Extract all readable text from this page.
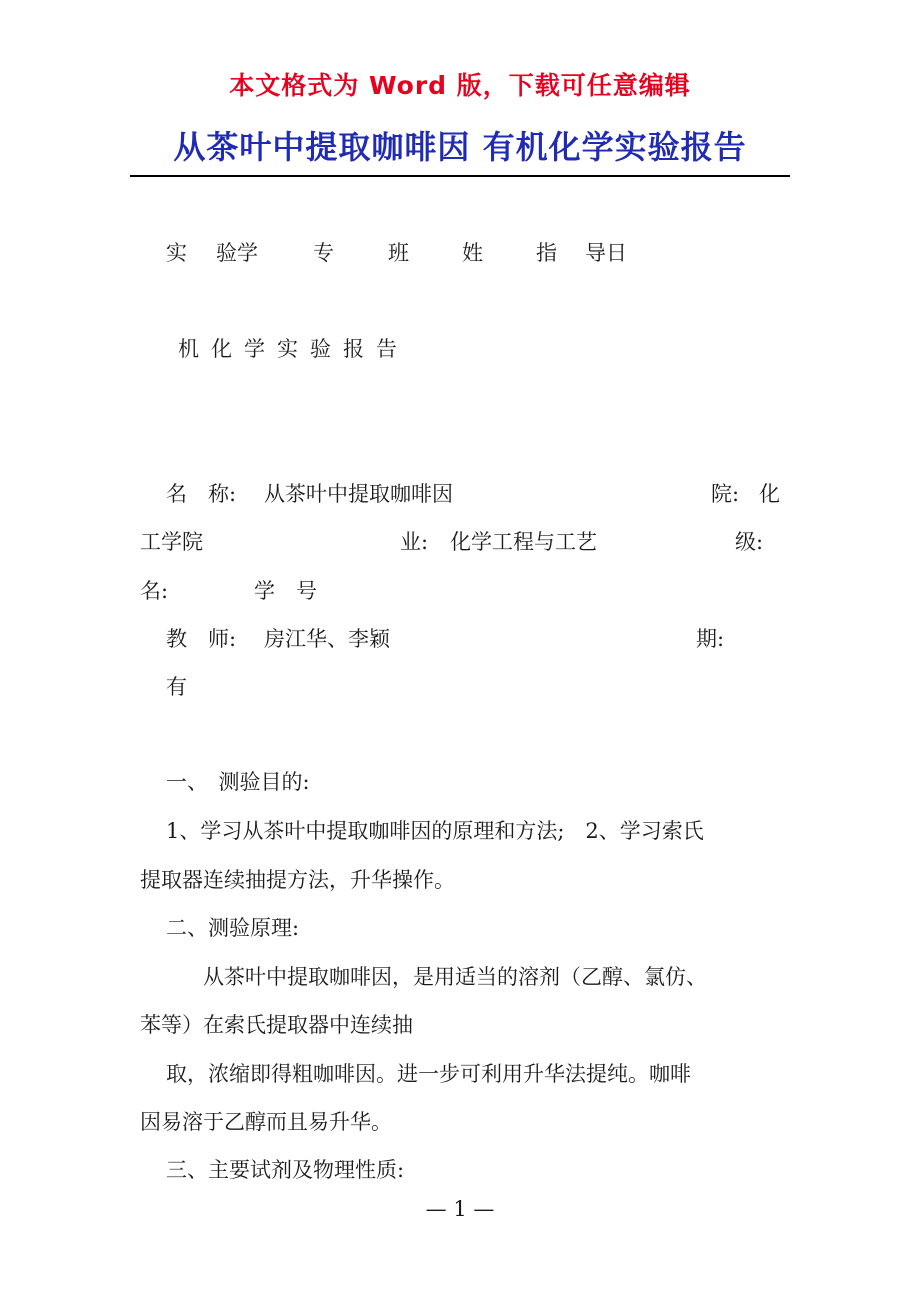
本文格式为 Word 版，下载可任意编辑
从茶叶中提取咖啡因 有机化学实验报告
实 验学	专	班	姓	指 导日
机化学实验报告
名　称: 从茶叶中提取咖啡因	院: 化
工学院	业: 化学工程与工艺	级:
名:	学　号
教　师: 房江华、李颖	期:
有
一、　测验目的:
1、学习从茶叶中提取咖啡因的原理和方法;　2、学习索氏
提取器连续抽提方法，升华操作。
二、测验原理:
从茶叶中提取咖啡因，是用适当的溶剂（乙醇、氯仿、
苯等）在索氏提取器中连续抽
取，浓缩即得粗咖啡因。进一步可利用升华法提纯。咖啡
因易溶于乙醇而且易升华。
三、主要试剂及物理性质:
— 1 —
